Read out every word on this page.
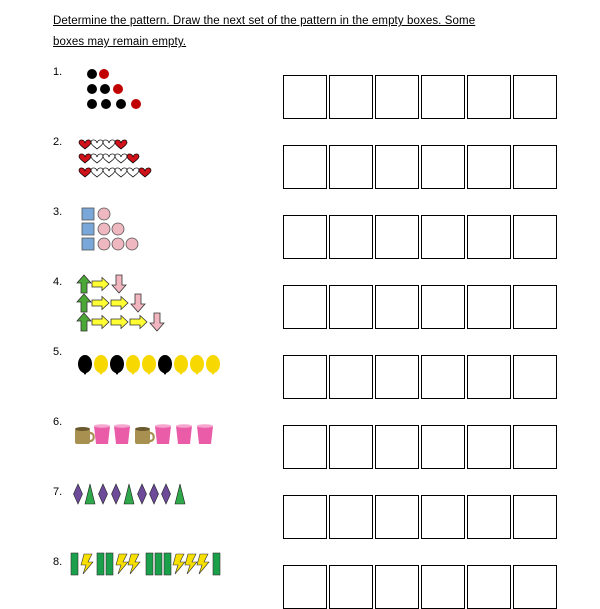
Determine the pattern. Draw the next set of the pattern in the empty boxes. Some
boxes may remain empty.
1.
2.
3.
4.
5.
6.
7.
8.
